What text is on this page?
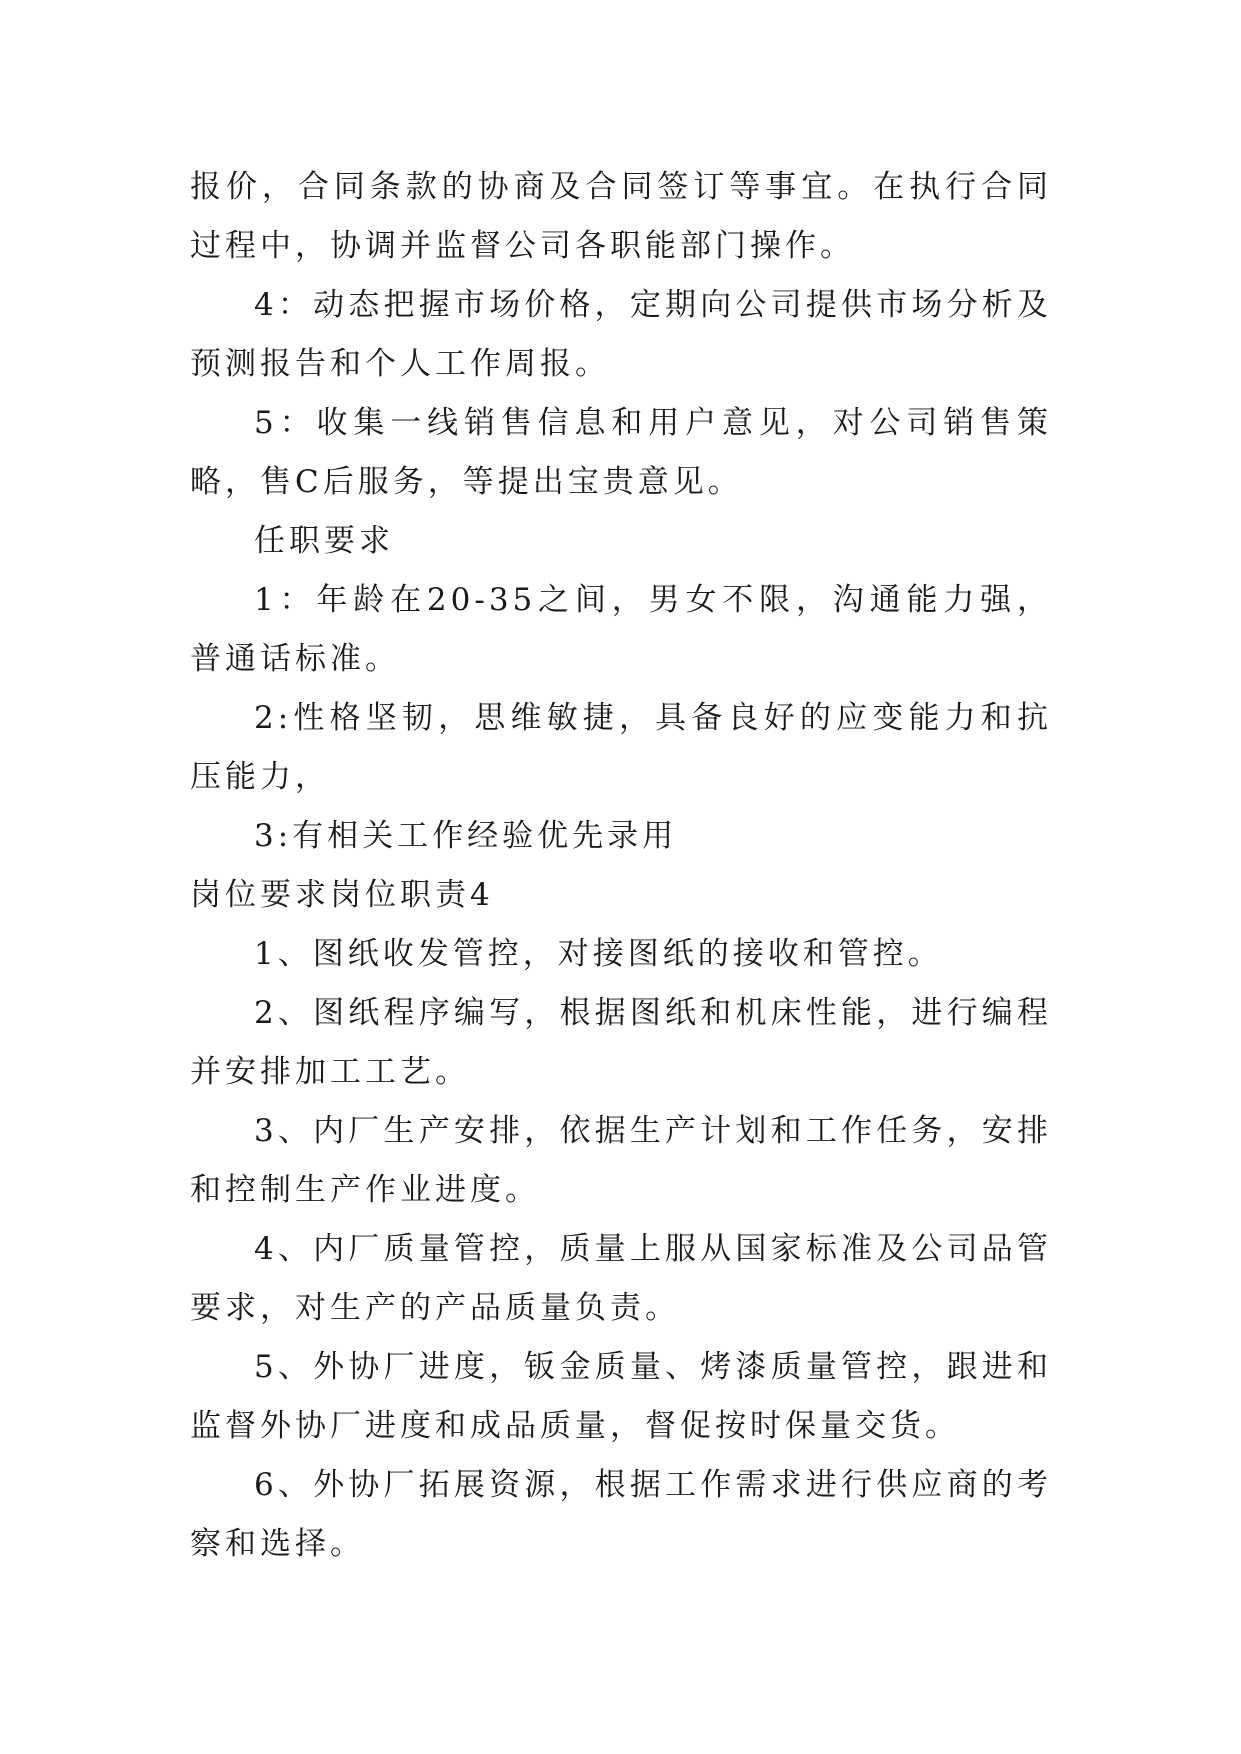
报价，合同条款的协商及合同签订等事宜。在执行合同过程中，协调并监督公司各职能部门操作。

4：动态把握市场价格，定期向公司提供市场分析及预测报告和个人工作周报。

5：收集一线销售信息和用户意见，对公司销售策略，售C后服务，等提出宝贵意见。

任职要求

1：年龄在20-35之间，男女不限，沟通能力强，普通话标准。

2:性格坚韧，思维敏捷，具备良好的应变能力和抗压能力，

3:有相关工作经验优先录用

岗位要求岗位职责4

1、图纸收发管控，对接图纸的接收和管控。

2、图纸程序编写，根据图纸和机床性能，进行编程并安排加工工艺。

3、内厂生产安排，依据生产计划和工作任务，安排和控制生产作业进度。

4、内厂质量管控，质量上服从国家标准及公司品管要求，对生产的产品质量负责。

5、外协厂进度，钣金质量、烤漆质量管控，跟进和监督外协厂进度和成品质量，督促按时保量交货。

6、外协厂拓展资源，根据工作需求进行供应商的考察和选择。
